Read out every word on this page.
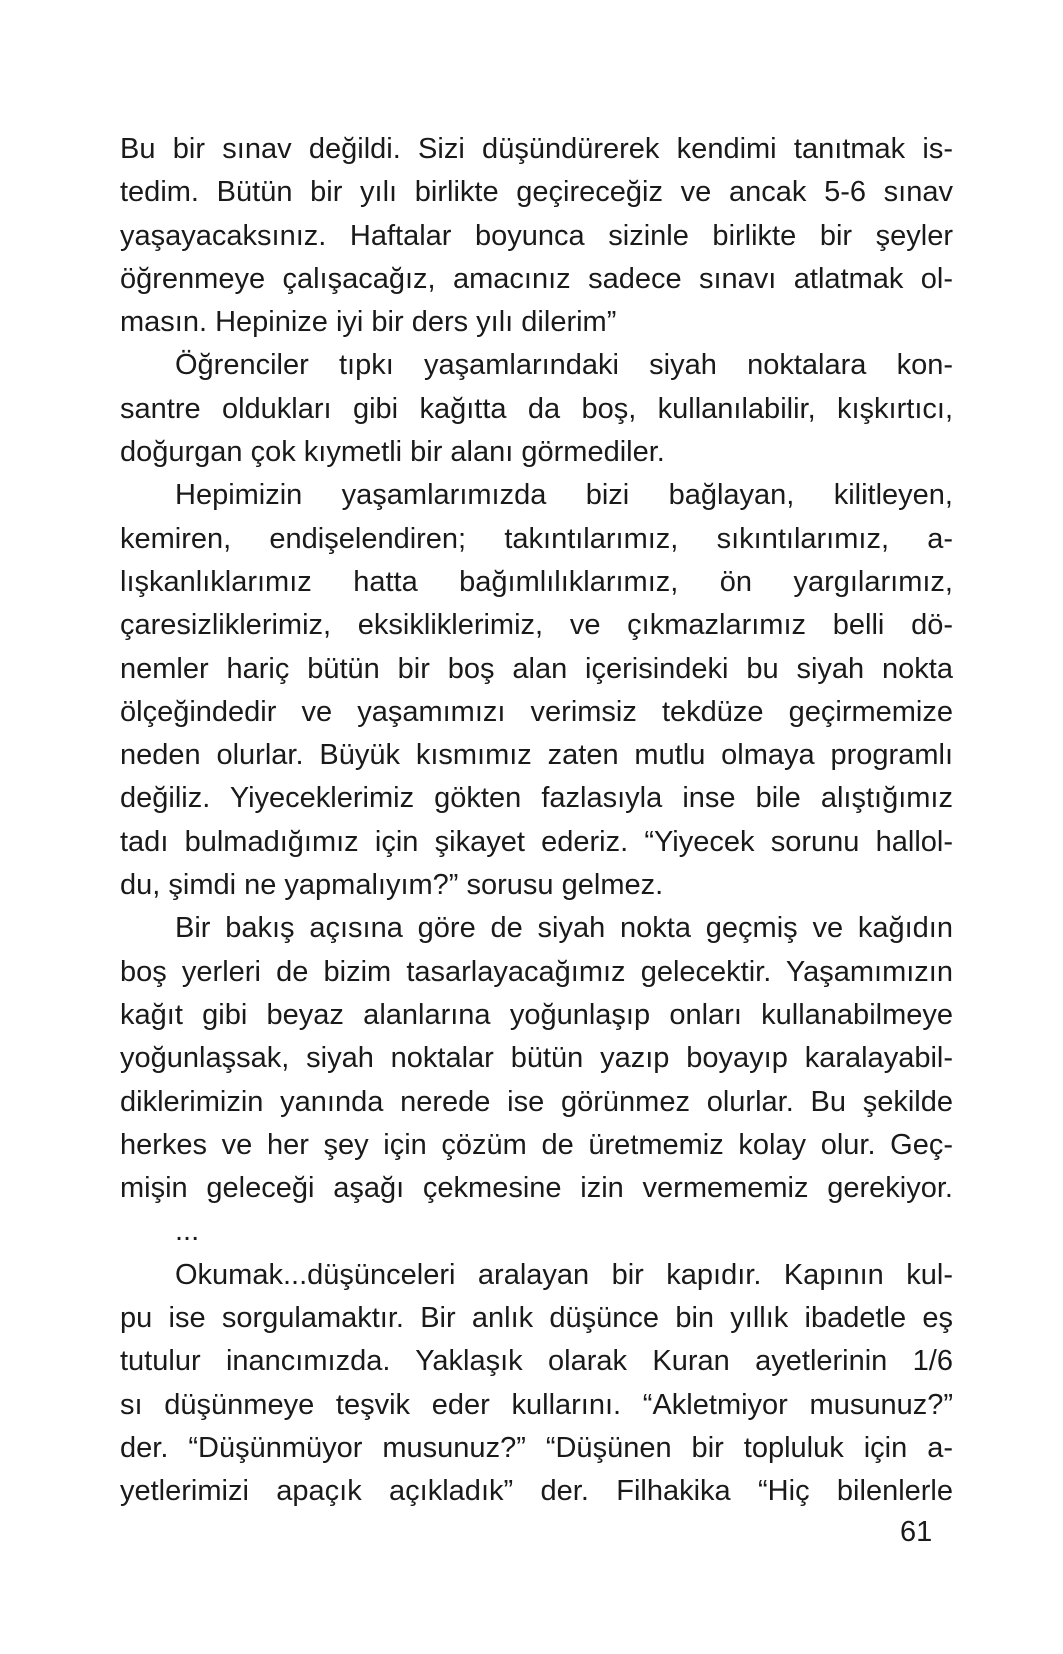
Bu bir sınav değildi. Sizi düşündürerek kendimi tanıtmak is-
tedim. Bütün bir yılı birlikte geçireceğiz ve ancak 5-6 sınav
yaşayacaksınız. Haftalar boyunca sizinle birlikte bir şeyler
öğrenmeye çalışacağız, amacınız sadece sınavı atlatmak ol-
masın. Hepinize iyi bir ders yılı dilerim”
Öğrenciler tıpkı yaşamlarındaki siyah noktalara kon-
santre oldukları gibi kağıtta da boş, kullanılabilir, kışkırtıcı,
doğurgan çok kıymetli bir alanı görmediler.
Hepimizin yaşamlarımızda bizi bağlayan, kilitleyen,
kemiren, endişelendiren; takıntılarımız, sıkıntılarımız, a-
lışkanlıklarımız hatta bağımlılıklarımız, ön yargılarımız,
çaresizliklerimiz, eksikliklerimiz, ve çıkmazlarımız belli dö-
nemler hariç bütün bir boş alan içerisindeki bu siyah nokta
ölçeğindedir ve yaşamımızı verimsiz tekdüze geçirmemize
neden olurlar. Büyük kısmımız zaten mutlu olmaya programlı
değiliz. Yiyeceklerimiz gökten fazlasıyla inse bile alıştığımız
tadı bulmadığımız için şikayet ederiz. “Yiyecek sorunu hallol-
du, şimdi ne yapmalıyım?” sorusu gelmez.
Bir bakış açısına göre de siyah nokta geçmiş ve kağıdın
boş yerleri de bizim tasarlayacağımız gelecektir. Yaşamımızın
kağıt gibi beyaz alanlarına yoğunlaşıp onları kullanabilmeye
yoğunlaşsak, siyah noktalar bütün yazıp boyayıp karalayabil-
diklerimizin yanında nerede ise görünmez olurlar. Bu şekilde
herkes ve her şey için çözüm de üretmemiz kolay olur. Geç-
mişin geleceği aşağı çekmesine izin vermememiz gerekiyor.
...
Okumak...düşünceleri aralayan bir kapıdır. Kapının kul-
pu ise sorgulamaktır. Bir anlık düşünce bin yıllık ibadetle eş
tutulur inancımızda. Yaklaşık olarak Kuran ayetlerinin 1/6
sı düşünmeye teşvik eder kullarını. “Akletmiyor musunuz?”
der. “Düşünmüyor musunuz?” “Düşünen bir topluluk için a-
yetlerimizi apaçık açıkladık” der. Filhakika “Hiç bilenlerle
61
